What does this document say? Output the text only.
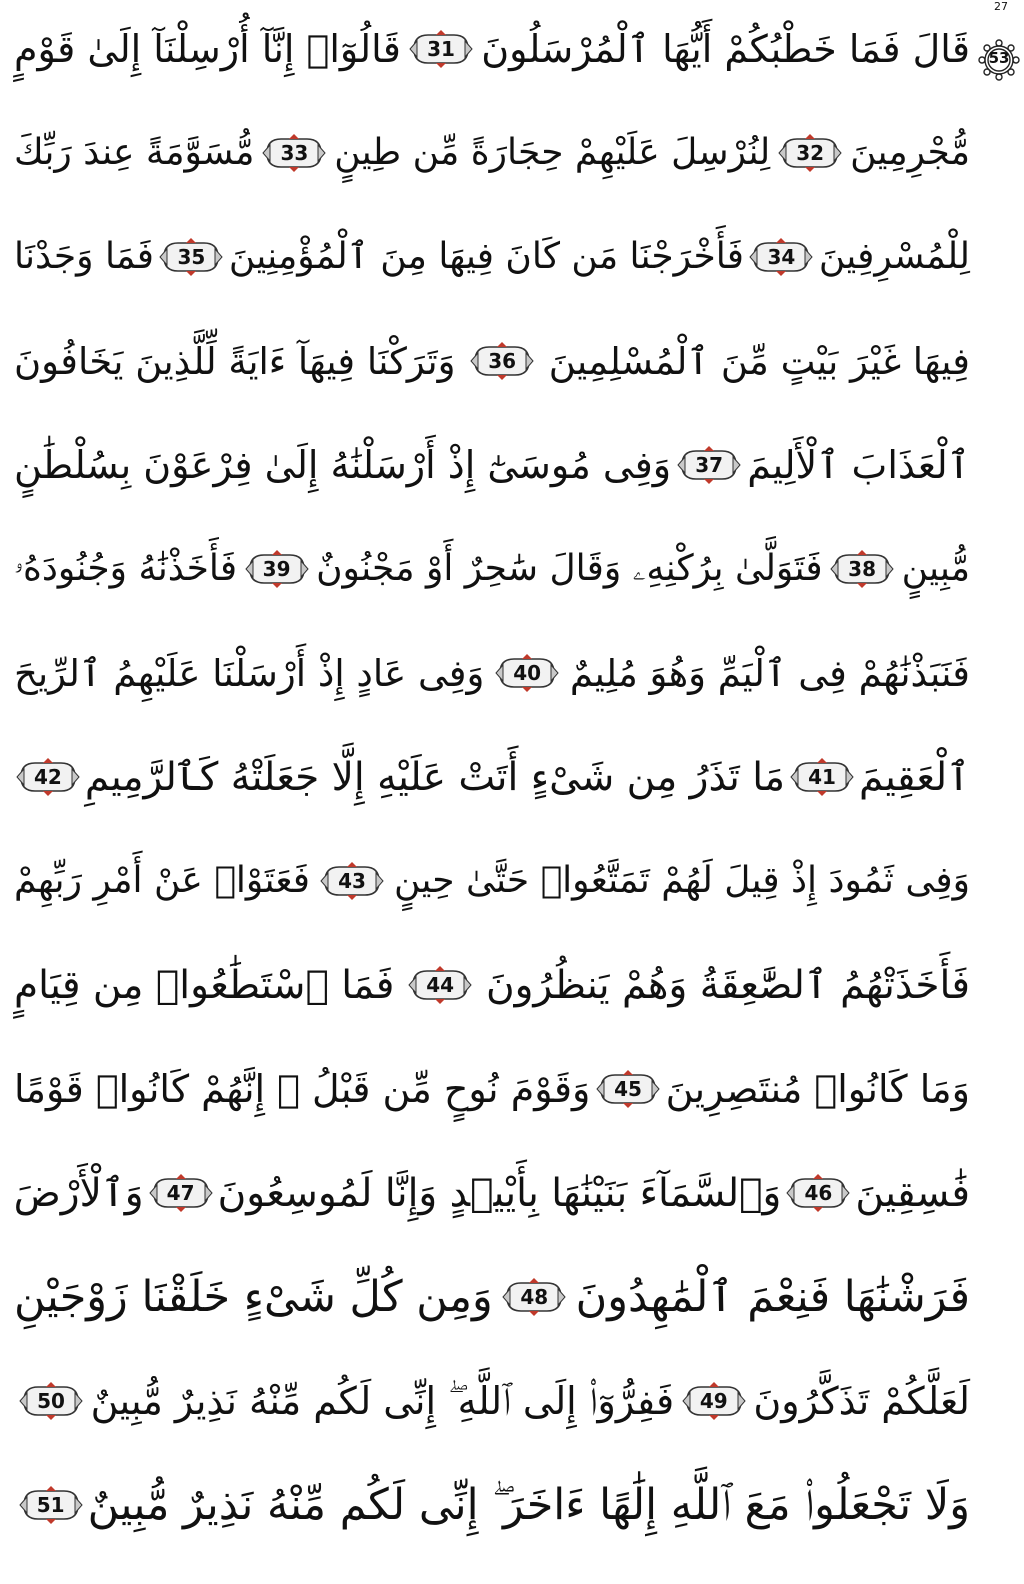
27
53
قَالَ فَمَا خَطْبُكُمْ أَيُّهَا ٱلْمُرْسَلُونَ
31
قَالُوٓا۟ إِنَّآ أُرْسِلْنَآ إِلَىٰ قَوْمٍ
مُّجْرِمِينَ
32
لِنُرْسِلَ عَلَيْهِمْ حِجَارَةً مِّن طِينٍ
33
مُّسَوَّمَةً عِندَ رَبِّكَ
لِلْمُسْرِفِينَ
34
فَأَخْرَجْنَا مَن كَانَ فِيهَا مِنَ ٱلْمُؤْمِنِينَ
35
فَمَا وَجَدْنَا
فِيهَا غَيْرَ بَيْتٍ مِّنَ ٱلْمُسْلِمِينَ
36
وَتَرَكْنَا فِيهَآ ءَايَةً لِّلَّذِينَ يَخَافُونَ
ٱلْعَذَابَ ٱلْأَلِيمَ
37
وَفِى مُوسَىٰٓ إِذْ أَرْسَلْنَٰهُ إِلَىٰ فِرْعَوْنَ بِسُلْطَٰنٍ
مُّبِينٍ
38
فَتَوَلَّىٰ بِرُكْنِهِۦ وَقَالَ سَٰحِرٌ أَوْ مَجْنُونٌ
39
فَأَخَذْنَٰهُ وَجُنُودَهُۥ
فَنَبَذْنَٰهُمْ فِى ٱلْيَمِّ وَهُوَ مُلِيمٌ
40
وَفِى عَادٍ إِذْ أَرْسَلْنَا عَلَيْهِمُ ٱلرِّيحَ
ٱلْعَقِيمَ
41
مَا تَذَرُ مِن شَىْءٍ أَتَتْ عَلَيْهِ إِلَّا جَعَلَتْهُ كَٱلرَّمِيمِ
42
وَفِى ثَمُودَ إِذْ قِيلَ لَهُمْ تَمَتَّعُوا۟ حَتَّىٰ حِينٍ
43
فَعَتَوْا۟ عَنْ أَمْرِ رَبِّهِمْ
فَأَخَذَتْهُمُ ٱلصَّٰعِقَةُ وَهُمْ يَنظُرُونَ
44
فَمَا ٱسْتَطَٰعُوا۟ مِن قِيَامٍ
وَمَا كَانُوا۟ مُنتَصِرِينَ
45
وَقَوْمَ نُوحٍ مِّن قَبْلُ ۖ إِنَّهُمْ كَانُوا۟ قَوْمًا
فَٰسِقِينَ
46
وَٱلسَّمَآءَ بَنَيْنَٰهَا بِأَيْي۟دٍ وَإِنَّا لَمُوسِعُونَ
47
وَٱلْأَرْضَ
فَرَشْنَٰهَا فَنِعْمَ ٱلْمَٰهِدُونَ
48
وَمِن كُلِّ شَىْءٍ خَلَقْنَا زَوْجَيْنِ
لَعَلَّكُمْ تَذَكَّرُونَ
49
فَفِرُّوٓا۟ إِلَى ٱللَّهِ ۖ إِنِّى لَكُم مِّنْهُ نَذِيرٌ مُّبِينٌ
50
وَلَا تَجْعَلُوا۟ مَعَ ٱللَّهِ إِلَٰهًا ءَاخَرَ ۖ إِنِّى لَكُم مِّنْهُ نَذِيرٌ مُّبِينٌ
51
